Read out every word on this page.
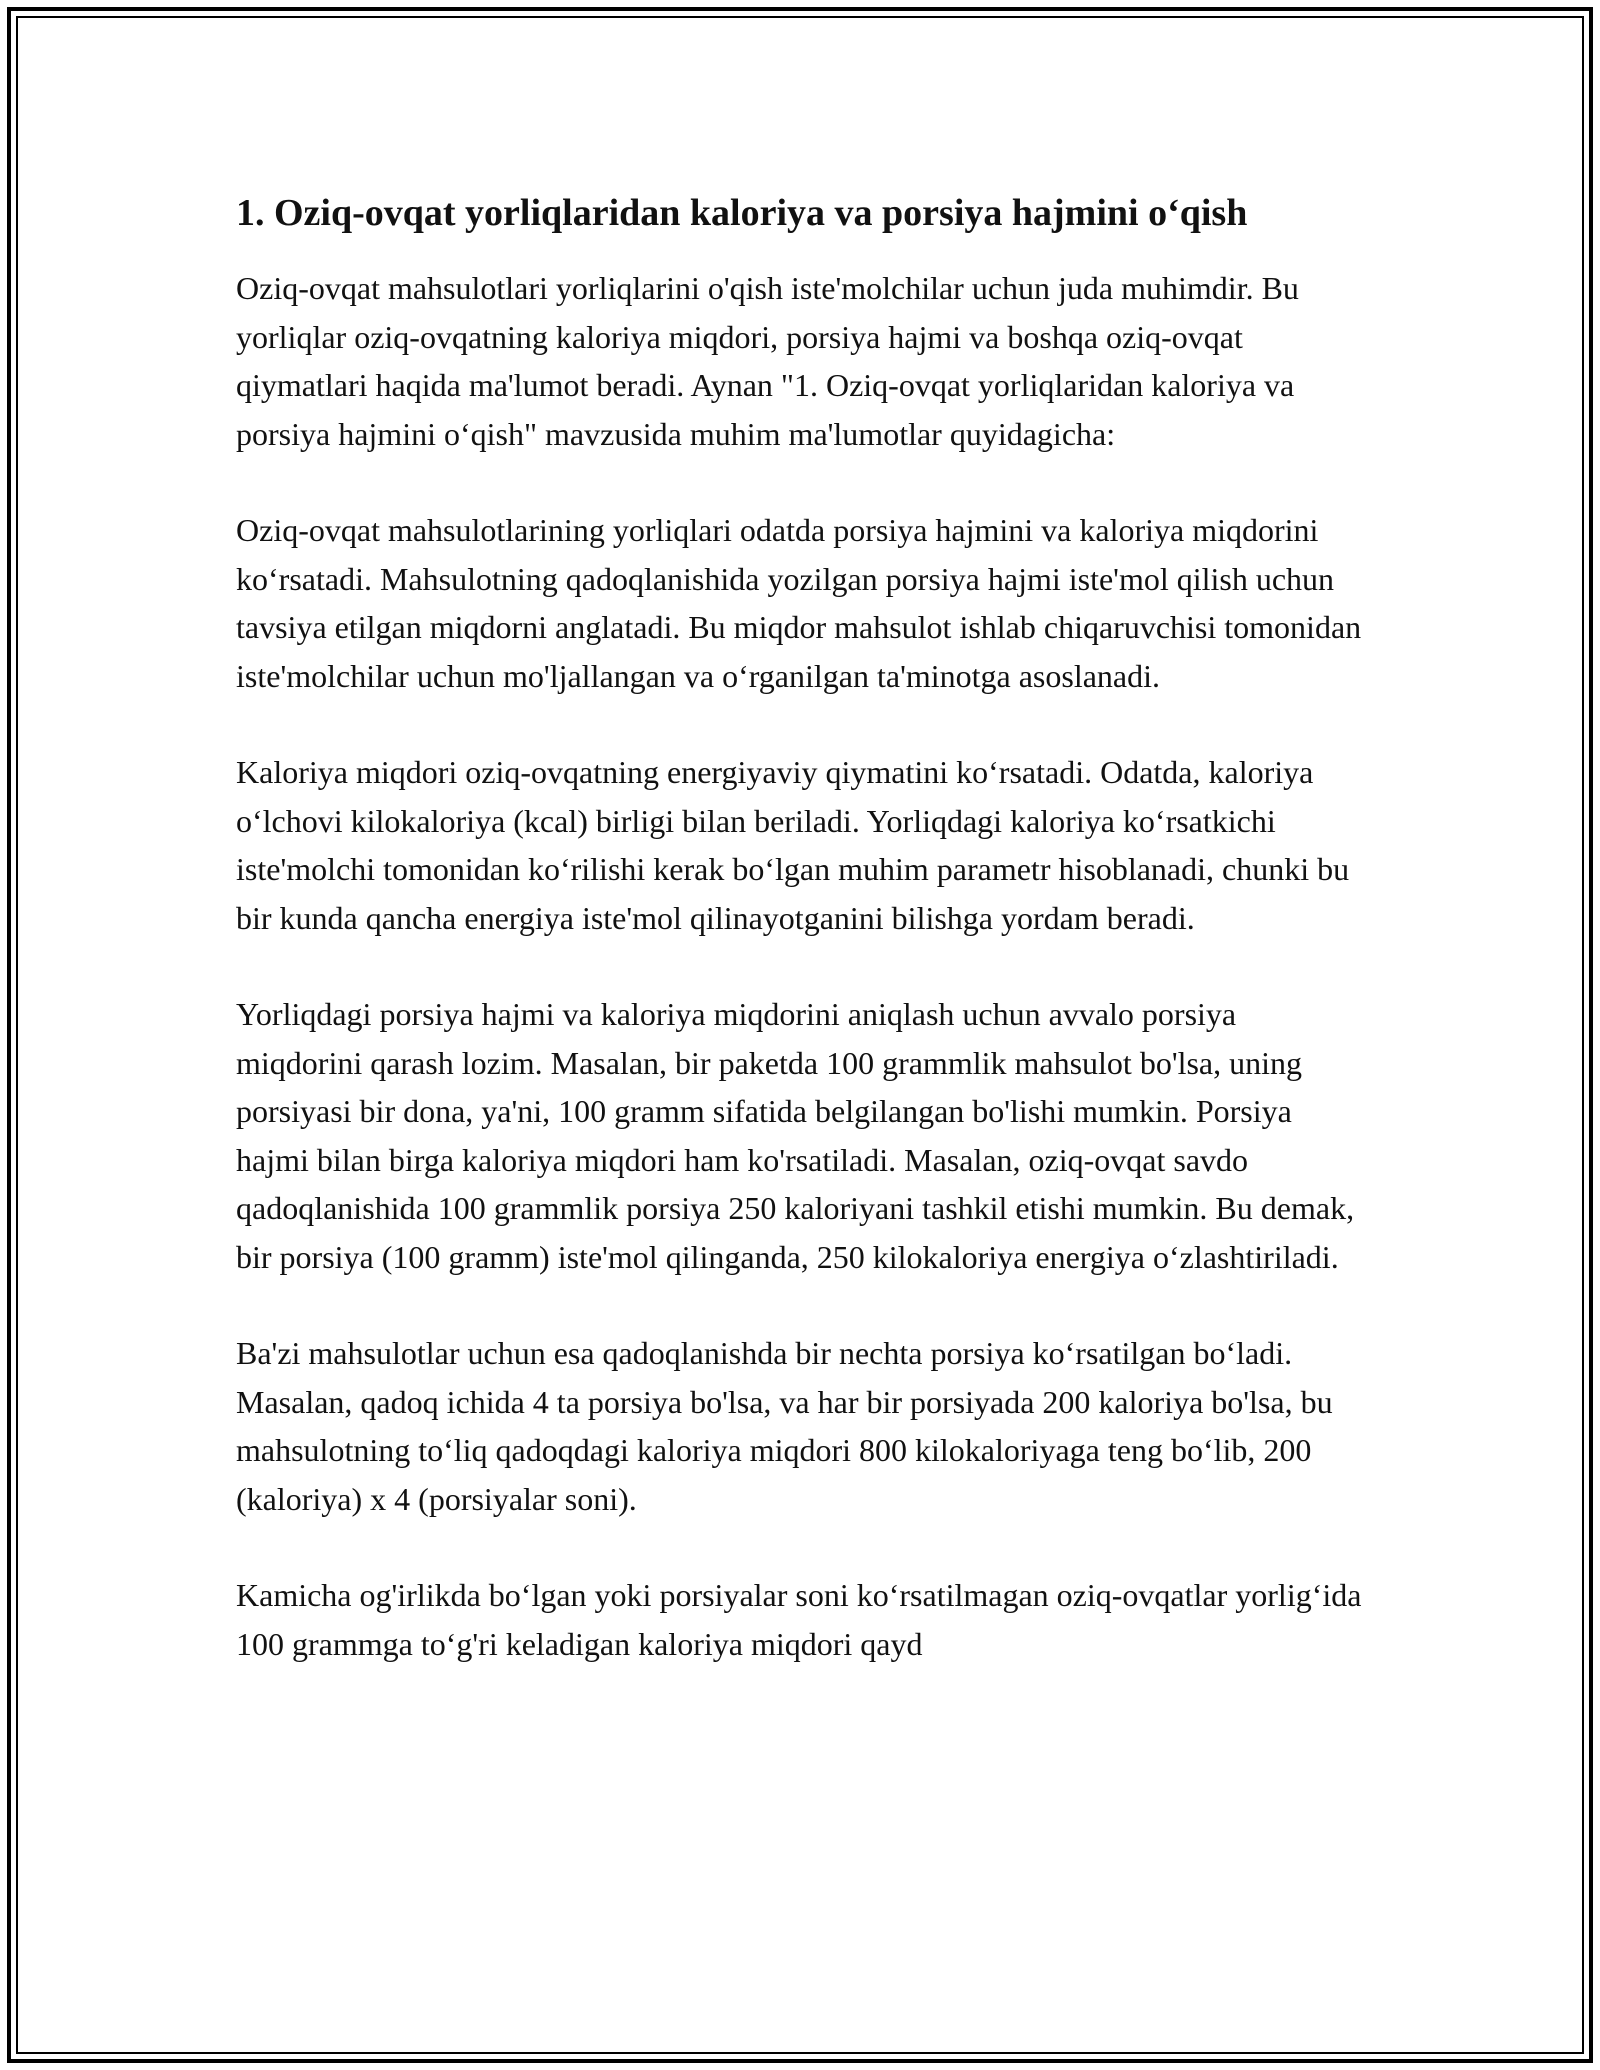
1. Oziq-ovqat yorliqlaridan kaloriya va porsiya hajmini o‘qish

Oziq-ovqat mahsulotlari yorliqlarini o'qish iste'molchilar uchun juda muhimdir. Bu yorliqlar oziq-ovqatning kaloriya miqdori, porsiya hajmi va boshqa oziq-ovqat qiymatlari haqida ma'lumot beradi. Aynan "1. Oziq-ovqat yorliqlaridan kaloriya va porsiya hajmini o‘qish" mavzusida muhim ma'lumotlar quyidagicha:

Oziq-ovqat mahsulotlarining yorliqlari odatda porsiya hajmini va kaloriya miqdorini ko‘rsatadi. Mahsulotning qadoqlanishida yozilgan porsiya hajmi iste'mol qilish uchun tavsiya etilgan miqdorni anglatadi. Bu miqdor mahsulot ishlab chiqaruvchisi tomonidan iste'molchilar uchun mo'ljallangan va o‘rganilgan ta'minotga asoslanadi.

Kaloriya miqdori oziq-ovqatning energiyaviy qiymatini ko‘rsatadi. Odatda, kaloriya o‘lchovi kilokaloriya (kcal) birligi bilan beriladi. Yorliqdagi kaloriya ko‘rsatkichi iste'molchi tomonidan ko‘rilishi kerak bo‘lgan muhim parametr hisoblanadi, chunki bu bir kunda qancha energiya iste'mol qilinayotganini bilishga yordam beradi.

Yorliqdagi porsiya hajmi va kaloriya miqdorini aniqlash uchun avvalo porsiya miqdorini qarash lozim. Masalan, bir paketda 100 grammlik mahsulot bo'lsa, uning porsiyasi bir dona, ya'ni, 100 gramm sifatida belgilangan bo'lishi mumkin. Porsiya hajmi bilan birga kaloriya miqdori ham ko'rsatiladi. Masalan, oziq-ovqat savdo qadoqlanishida 100 grammlik porsiya 250 kaloriyani tashkil etishi mumkin. Bu demak, bir porsiya (100 gramm) iste'mol qilinganda, 250 kilokaloriya energiya o‘zlashtiriladi.

Ba'zi mahsulotlar uchun esa qadoqlanishda bir nechta porsiya ko‘rsatilgan bo‘ladi. Masalan, qadoq ichida 4 ta porsiya bo'lsa, va har bir porsiyada 200 kaloriya bo'lsa, bu mahsulotning to‘liq qadoqdagi kaloriya miqdori 800 kilokaloriyaga teng bo‘lib, 200 (kaloriya) x 4 (porsiyalar soni).

Kamicha og'irlikda bo‘lgan yoki porsiyalar soni ko‘rsatilmagan oziq-ovqatlar yorlig‘ida 100 grammga to‘g'ri keladigan kaloriya miqdori qayd
